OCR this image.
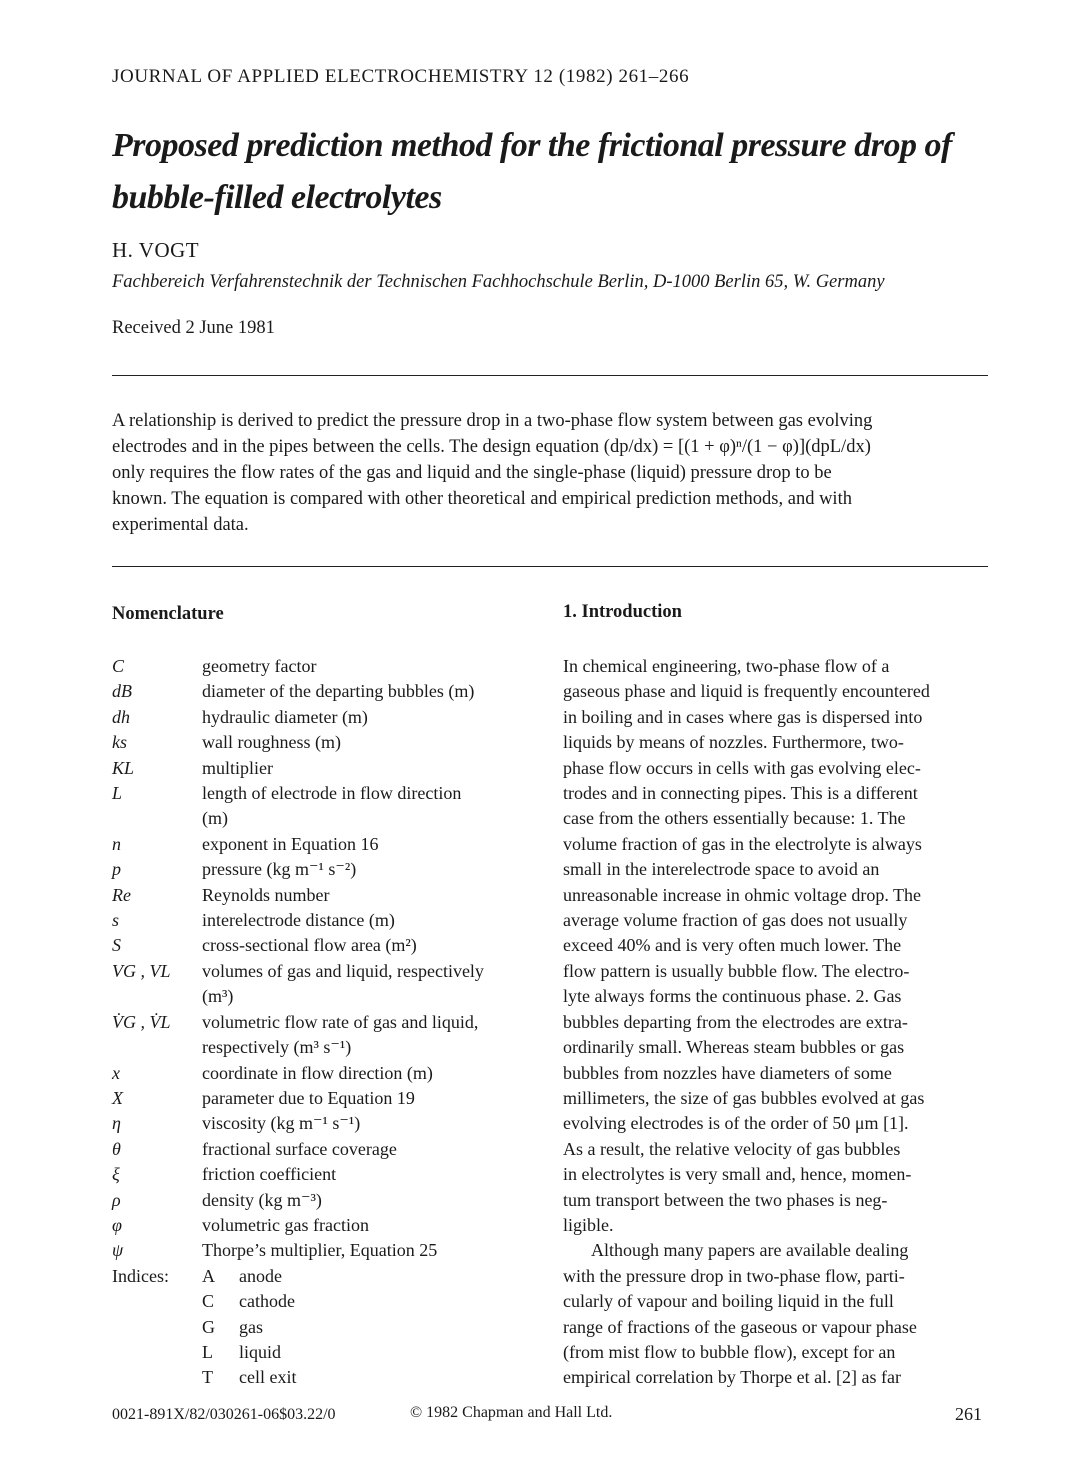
JOURNAL OF APPLIED ELECTROCHEMISTRY 12 (1982) 261–266
Proposed prediction method for the frictional pressure drop of
bubble-filled electrolytes
H. VOGT
Fachbereich Verfahrenstechnik der Technischen Fachhochschule Berlin, D-1000 Berlin 65, W. Germany
Received 2 June 1981
A relationship is derived to predict the pressure drop in a two-phase flow system between gas evolving
electrodes and in the pipes between the cells. The design equation (dp/dx) = [(1 + φ)ⁿ/(1 − φ)](dpL/dx)
only requires the flow rates of the gas and liquid and the single-phase (liquid) pressure drop to be
known. The equation is compared with other theoretical and empirical prediction methods, and with
experimental data.
Nomenclature	1. Introduction
C	geometry factor
dB	diameter of the departing bubbles (m)
dh	hydraulic diameter (m)
ks	wall roughness (m)
KL	multiplier
L	length of electrode in flow direction
(m)
n	exponent in Equation 16
p	pressure (kg m⁻¹ s⁻²)
Re	Reynolds number
s	interelectrode distance (m)
S	cross-sectional flow area (m²)
VG , VL	volumes of gas and liquid, respectively
(m³)
V̇G , V̇L	volumetric flow rate of gas and liquid,
respectively (m³ s⁻¹)
x	coordinate in flow direction (m)
X	parameter due to Equation 19
η	viscosity (kg m⁻¹ s⁻¹)
θ	fractional surface coverage
ξ	friction coefficient
ρ	density (kg m⁻³)
φ	volumetric gas fraction
ψ	Thorpe’s multiplier, Equation 25
Indices:	A	anode
C	cathode
G	gas
L	liquid
T	cell exit
In chemical engineering, two-phase flow of a
gaseous phase and liquid is frequently encountered
in boiling and in cases where gas is dispersed into
liquids by means of nozzles. Furthermore, two-
phase flow occurs in cells with gas evolving elec-
trodes and in connecting pipes. This is a different
case from the others essentially because: 1. The
volume fraction of gas in the electrolyte is always
small in the interelectrode space to avoid an
unreasonable increase in ohmic voltage drop. The
average volume fraction of gas does not usually
exceed 40% and is very often much lower. The
flow pattern is usually bubble flow. The electro-
lyte always forms the continuous phase. 2. Gas
bubbles departing from the electrodes are extra-
ordinarily small. Whereas steam bubbles or gas
bubbles from nozzles have diameters of some
millimeters, the size of gas bubbles evolved at gas
evolving electrodes is of the order of 50 μm [1].
As a result, the relative velocity of gas bubbles
in electrolytes is very small and, hence, momen-
tum transport between the two phases is neg-
ligible.
Although many papers are available dealing
with the pressure drop in two-phase flow, parti-
cularly of vapour and boiling liquid in the full
range of fractions of the gaseous or vapour phase
(from mist flow to bubble flow), except for an
empirical correlation by Thorpe et al. [2] as far
0021-891X/82/030261-06$03.22/0	© 1982 Chapman and Hall Ltd.	261
